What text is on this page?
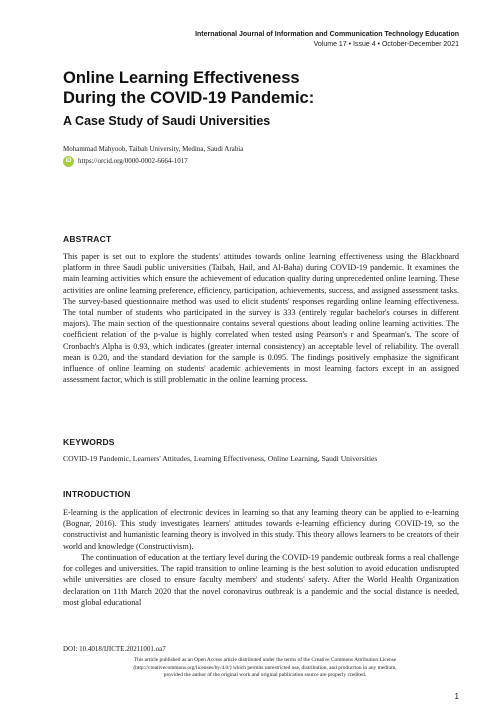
International Journal of Information and Communication Technology Education
Volume 17 • Issue 4 • October-December 2021
Online Learning Effectiveness
During the COVID-19 Pandemic:
A Case Study of Saudi Universities
Mohammad Mahyoob, Taibah University, Medina, Saudi Arabia
iD https://orcid.org/0000-0002-6664-1017
ABSTRACT

This paper is set out to explore the students' attitudes towards online learning effectiveness using the Blackboard platform in three Saudi public universities (Taibah, Hail, and Al-Baha) during COVID-19 pandemic. It examines the main learning activities which ensure the achievement of education quality during unprecedented online learning. These activities are online learning preference, efficiency, participation, achievements, success, and assigned assessment tasks. The survey-based questionnaire method was used to elicit students' responses regarding online learning effectiveness. The total number of students who participated in the survey is 333 (entirely regular bachelor's courses in different majors). The main section of the questionnaire contains several questions about leading online learning activities. The coefficient relation of the p-value is highly correlated when tested using Pearson's r and Spearman's. The score of Cronbach's Alpha is 0.93, which indicates (greater internal consistency) an acceptable level of reliability. The overall mean is 0.20, and the standard deviation for the sample is 0.095. The findings positively emphasize the significant influence of online learning on students' academic achievements in most learning factors except in an assigned assessment factor, which is still problematic in the online learning process.

KEYWORDS
COVID-19 Pandemic, Learners' Attitudes, Learning Effectiveness, Online Learning, Saudi Universities
INTRODUCTION

E-learning is the application of electronic devices in learning so that any learning theory can be applied to e-learning (Bognar, 2016). This study investigates learners' attitudes towards e-learning efficiency during COVID-19, so the constructivist and humanistic learning theory is involved in this study. This theory allows learners to be creators of their world and knowledge (Constructivism).

The continuation of education at the tertiary level during the COVID-19 pandemic outbreak forms a real challenge for colleges and universities. The rapid transition to online learning is the best solution to avoid education undisrupted while universities are closed to ensure faculty members' and students' safety. After the World Health Organization declaration on 11th March 2020 that the novel coronavirus outbreak is a pandemic and the social distance is needed, most global educational

DOI: 10.4018/IJICTE.20211001.oa7
This article published as an Open Access article distributed under the terms of the Creative Commons Attribution License
(http://creativecommons.org/licenses/by/4.0/) which permits unrestricted use, distribution, and production in any medium,
provided the author of the original work and original publication source are properly credited.
1
